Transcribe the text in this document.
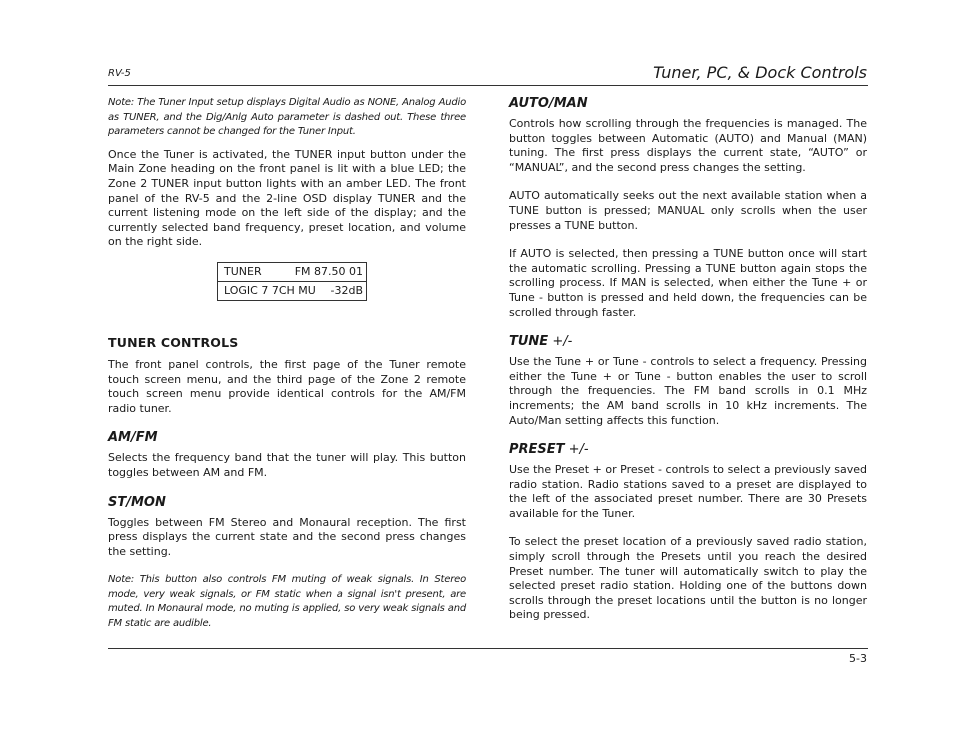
RV-5	Tuner, PC, & Dock Controls

Note: The Tuner Input setup displays Digital Audio as NONE, Analog Audio as TUNER, and the Dig/Anlg Auto parameter is dashed out. These three parameters cannot be changed for the Tuner Input.

Once the Tuner is activated, the TUNER input button under the Main Zone heading on the front panel is lit with a blue LED; the Zone 2 TUNER input button lights with an amber LED. The front panel of the RV-5 and the 2-line OSD display TUNER and the current listening mode on the left side of the display; and the currently selected band frequency, preset location, and volume on the right side.

TUNER	FM 87.50 01
LOGIC 7 7CH MU -32dB
TUNER CONTROLS

The front panel controls, the first page of the Tuner remote touch screen menu, and the third page of the Zone 2 remote touch screen menu provide identical controls for the AM/FM radio tuner.

AM/FM

Selects the frequency band that the tuner will play. This button toggles between AM and FM.

ST/MON

Toggles between FM Stereo and Monaural reception. The first press displays the current state and the second press changes the setting.

Note: This button also controls FM muting of weak signals. In Stereo mode, very weak signals, or FM static when a signal isn't present, are muted. In Monaural mode, no muting is applied, so very weak signals and FM static are audible.

AUTO/MAN

Controls how scrolling through the frequencies is managed. The button toggles between Automatic (AUTO) and Manual (MAN) tuning. The first press displays the current state, “AUTO” or “MANUAL”, and the second press changes the setting.

AUTO automatically seeks out the next available station when a TUNE button is pressed; MANUAL only scrolls when the user presses a TUNE button.

If AUTO is selected, then pressing a TUNE button once will start the automatic scrolling. Pressing a TUNE button again stops the scrolling process. If MAN is selected, when either the Tune + or Tune - button is pressed and held down, the frequencies can be scrolled through faster.

TUNE +/-

Use the Tune + or Tune - controls to select a frequency. Pressing either the Tune + or Tune - button enables the user to scroll through the frequencies. The FM band scrolls in 0.1 MHz increments; the AM band scrolls in 10 kHz increments. The Auto/Man setting affects this function.

PRESET +/-

Use the Preset + or Preset - controls to select a previously saved radio station. Radio stations saved to a preset are displayed to the left of the associated preset number. There are 30 Presets available for the Tuner.

To select the preset location of a previously saved radio station, simply scroll through the Presets until you reach the desired Preset number. The tuner will automatically switch to play the selected preset radio station. Holding one of the buttons down scrolls through the preset locations until the button is no longer being pressed.

5-3
